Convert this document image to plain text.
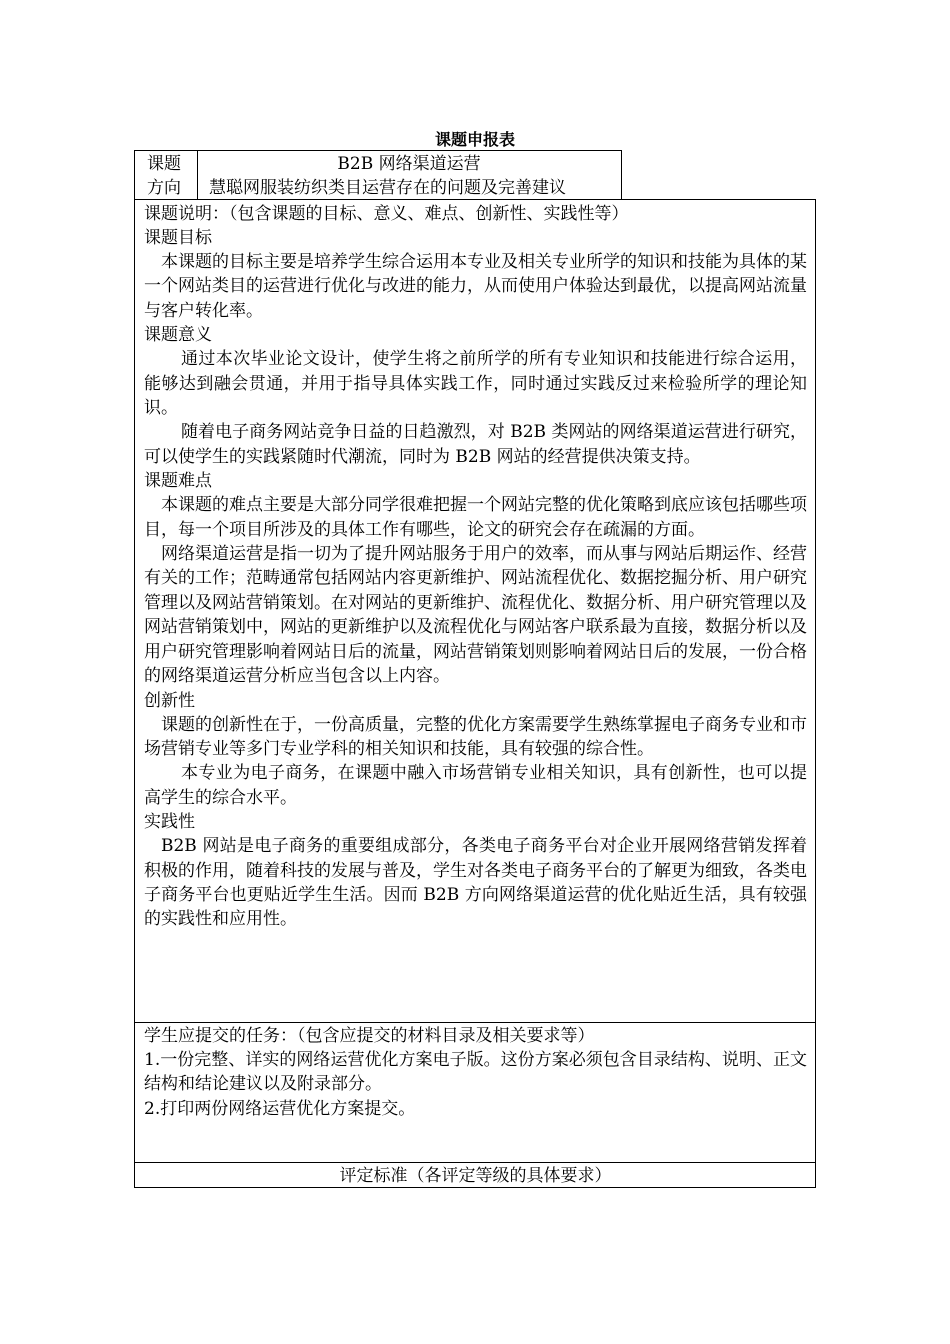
课题申报表
课题
方向
B2B 网络渠道运营
慧聪网服装纺织类目运营存在的问题及完善建议
课题说明：（包含课题的目标、意义、难点、创新性、实践性等）
课题目标
本课题的目标主要是培养学生综合运用本专业及相关专业所学的知识和技能为具体的某一个网站类目的运营进行优化与改进的能力，从而使用户体验达到最优，以提高网站流量与客户转化率。
课题意义
通过本次毕业论文设计，使学生将之前所学的所有专业知识和技能进行综合运用，能够达到融会贯通，并用于指导具体实践工作，同时通过实践反过来检验所学的理论知识。
随着电子商务网站竞争日益的日趋激烈，对 B2B 类网站的网络渠道运营进行研究，可以使学生的实践紧随时代潮流，同时为 B2B 网站的经营提供决策支持。
课题难点
本课题的难点主要是大部分同学很难把握一个网站完整的优化策略到底应该包括哪些项目，每一个项目所涉及的具体工作有哪些，论文的研究会存在疏漏的方面。
网络渠道运营是指一切为了提升网站服务于用户的效率，而从事与网站后期运作、经营有关的工作；范畴通常包括网站内容更新维护、网站流程优化、数据挖掘分析、用户研究管理以及网站营销策划。在对网站的更新维护、流程优化、数据分析、用户研究管理以及网站营销策划中，网站的更新维护以及流程优化与网站客户联系最为直接，数据分析以及用户研究管理影响着网站日后的流量，网站营销策划则影响着网站日后的发展，一份合格的网络渠道运营分析应当包含以上内容。
创新性
课题的创新性在于，一份高质量，完整的优化方案需要学生熟练掌握电子商务专业和市场营销专业等多门专业学科的相关知识和技能，具有较强的综合性。
本专业为电子商务，在课题中融入市场营销专业相关知识，具有创新性，也可以提高学生的综合水平。
实践性
B2B 网站是电子商务的重要组成部分，各类电子商务平台对企业开展网络营销发挥着积极的作用，随着科技的发展与普及，学生对各类电子商务平台的了解更为细致，各类电子商务平台也更贴近学生生活。因而 B2B 方向网络渠道运营的优化贴近生活，具有较强的实践性和应用性。
学生应提交的任务：（包含应提交的材料目录及相关要求等）
1.一份完整、详实的网络运营优化方案电子版。这份方案必须包含目录结构、说明、正文结构和结论建议以及附录部分。
2.打印两份网络运营优化方案提交。
评定标准（各评定等级的具体要求）
